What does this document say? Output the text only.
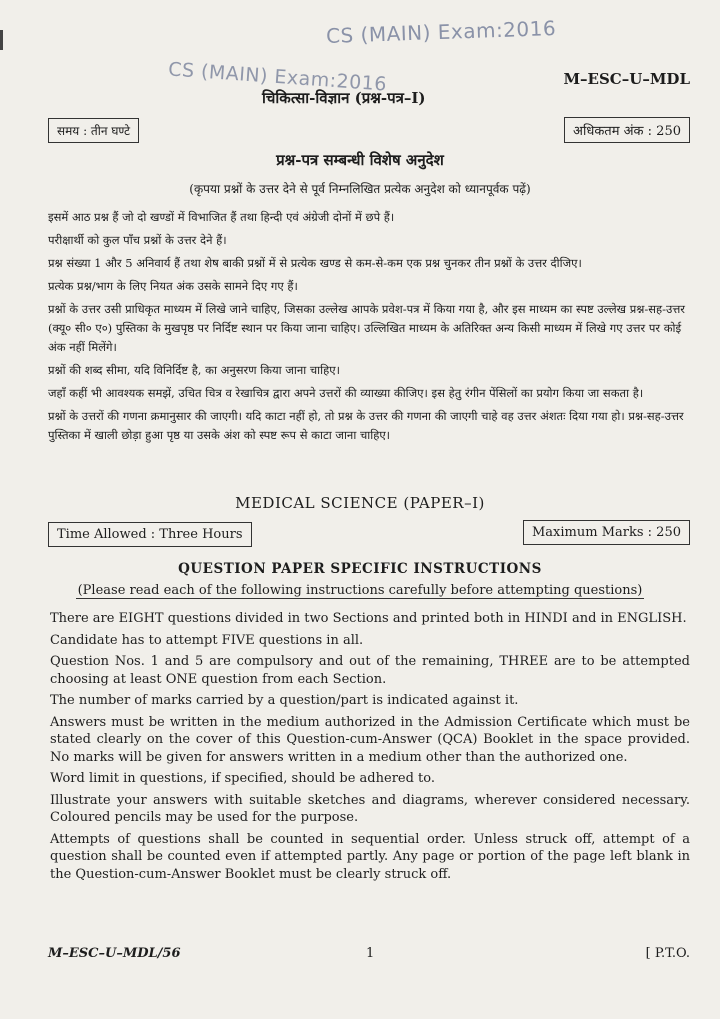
CS (MAIN) Exam:2016
CS (MAIN) Exam:2016	M–ESC–U–MDL
चिकित्सा-विज्ञान (प्रश्न-पत्र–I)
समय : तीन घण्टे	अधिकतम अंक : 250
प्रश्न-पत्र सम्बन्धी विशेष अनुदेश
(कृपया प्रश्नों के उत्तर देने से पूर्व निम्नलिखित प्रत्येक अनुदेश को ध्यानपूर्वक पढ़ें)

इसमें आठ प्रश्न हैं जो दो खण्डों में विभाजित हैं तथा हिन्दी एवं अंग्रेजी दोनों में छपे हैं।

परीक्षार्थी को कुल पाँच प्रश्नों के उत्तर देने हैं।

प्रश्न संख्या 1 और 5 अनिवार्य हैं तथा शेष बाकी प्रश्नों में से प्रत्येक खण्ड से कम-से-कम एक प्रश्न चुनकर तीन प्रश्नों के उत्तर दीजिए।

प्रत्येक प्रश्न/भाग के लिए नियत अंक उसके सामने दिए गए हैं।

प्रश्नों के उत्तर उसी प्राधिकृत माध्यम में लिखे जाने चाहिए, जिसका उल्लेख आपके प्रवेश-पत्र में किया गया है, और इस माध्यम का स्पष्ट उल्लेख प्रश्न-सह-उत्तर (क्यू० सी० ए०) पुस्तिका के मुखपृष्ठ पर निर्दिष्ट स्थान पर किया जाना चाहिए। उल्लिखित माध्यम के अतिरिक्त अन्य किसी माध्यम में लिखे गए उत्तर पर कोई अंक नहीं मिलेंगे।

प्रश्नों की शब्द सीमा, यदि विनिर्दिष्ट है, का अनुसरण किया जाना चाहिए।

जहाँ कहीं भी आवश्यक समझें, उचित चित्र व रेखाचित्र द्वारा अपने उत्तरों की व्याख्या कीजिए। इस हेतु रंगीन पेंसिलों का प्रयोग किया जा सकता है।

प्रश्नों के उत्तरों की गणना क्रमानुसार की जाएगी। यदि काटा नहीं हो, तो प्रश्न के उत्तर की गणना की जाएगी चाहे वह उत्तर अंशतः दिया गया हो। प्रश्न-सह-उत्तर पुस्तिका में खाली छोड़ा हुआ पृष्ठ या उसके अंश को स्पष्ट रूप से काटा जाना चाहिए।

MEDICAL SCIENCE (PAPER–I)
Time Allowed : Three Hours	Maximum Marks : 250
QUESTION PAPER SPECIFIC INSTRUCTIONS
(Please read each of the following instructions carefully before attempting questions)

There are EIGHT questions divided in two Sections and printed both in HINDI and in ENGLISH.

Candidate has to attempt FIVE questions in all.

Question Nos. 1 and 5 are compulsory and out of the remaining, THREE are to be attempted choosing at least ONE question from each Section.

The number of marks carried by a question/part is indicated against it.

Answers must be written in the medium authorized in the Admission Certificate which must be stated clearly on the cover of this Question-cum-Answer (QCA) Booklet in the space provided. No marks will be given for answers written in a medium other than the authorized one.

Word limit in questions, if specified, should be adhered to.

Illustrate your answers with suitable sketches and diagrams, wherever considered necessary. Coloured pencils may be used for the purpose.

Attempts of questions shall be counted in sequential order. Unless struck off, attempt of a question shall be counted even if attempted partly. Any page or portion of the page left blank in the Question-cum-Answer Booklet must be clearly struck off.

M–ESC–U–MDL/56	1	[ P.T.O.
